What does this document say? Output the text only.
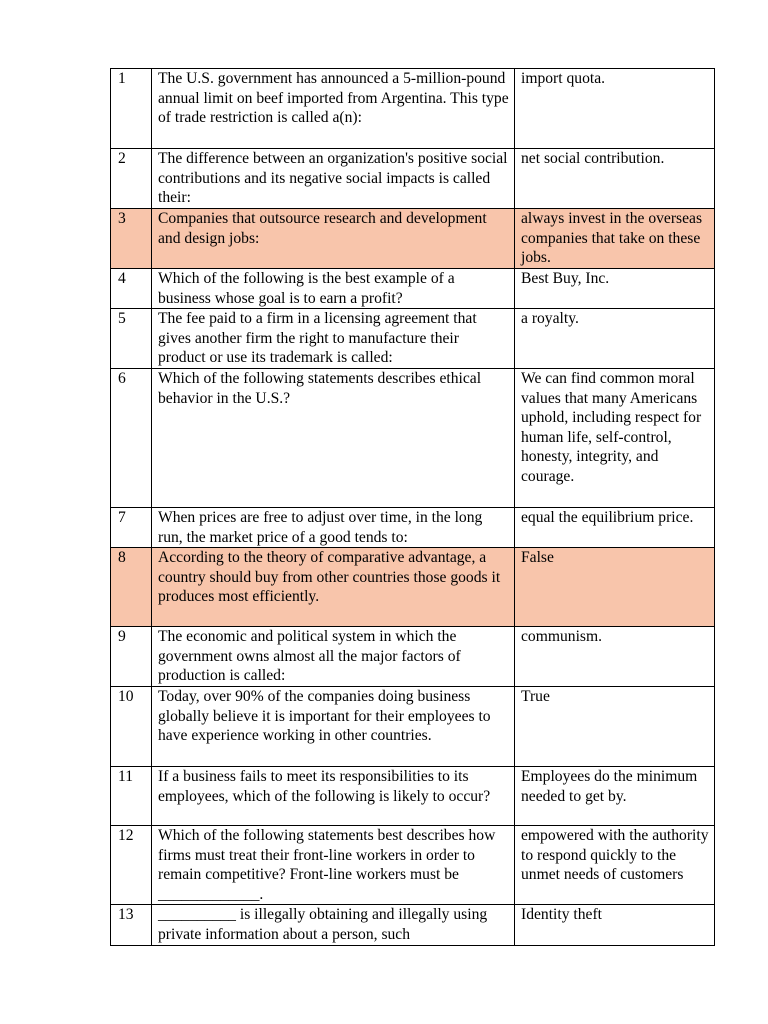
1	The U.S. government has announced a 5-million-pound annual limit on beef imported from Argentina. This type of trade restriction is called a(n):	import quota.
2	The difference between an organization's positive social contributions and its negative social impacts is called their:	net social contribution.
3	Companies that outsource research and development and design jobs:	always invest in the overseas companies that take on these jobs.
4	Which of the following is the best example of a business whose goal is to earn a profit?	Best Buy, Inc.
5	The fee paid to a firm in a licensing agreement that gives another firm the right to manufacture their product or use its trademark is called:	a royalty.
6	Which of the following statements describes ethical behavior in the U.S.?	We can find common moral values that many Americans uphold, including respect for human life, self-control, honesty, integrity, and courage.
7	When prices are free to adjust over time, in the long run, the market price of a good tends to:	equal the equilibrium price.
8	According to the theory of comparative advantage, a country should buy from other countries those goods it produces most efficiently.	False
9	The economic and political system in which the government owns almost all the major factors of production is called:	communism.
10	Today, over 90% of the companies doing business globally believe it is important for their employees to have experience working in other countries.	True
11	If a business fails to meet its responsibilities to its employees, which of the following is likely to occur?	Employees do the minimum needed to get by.
12	Which of the following statements best describes how firms must treat their front-line workers in order to remain competitive? Front-line workers must be _____________.	empowered with the authority to respond quickly to the unmet needs of customers
13	__________ is illegally obtaining and illegally using private information about a person, such	Identity theft
